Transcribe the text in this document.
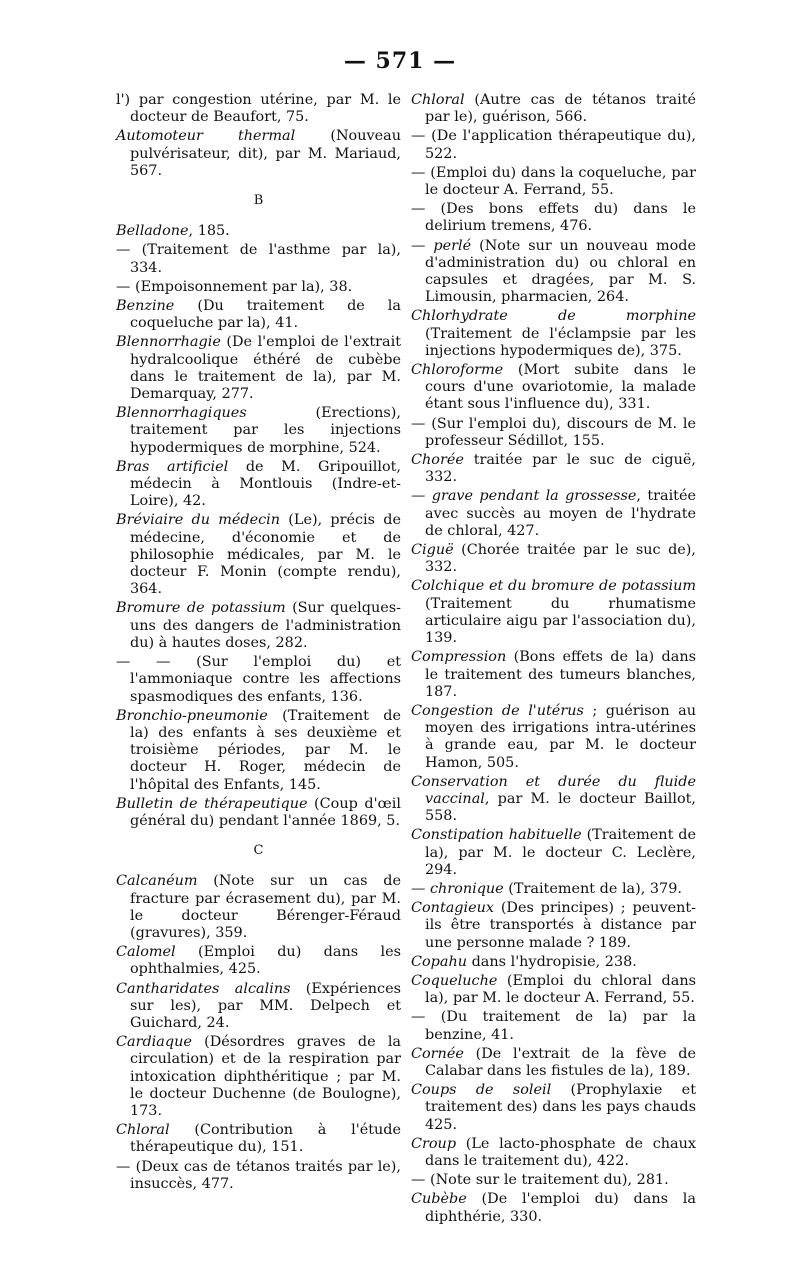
— 571 —
l') par congestion utérine, par M. le docteur de Beaufort, 75.
Automoteur thermal (Nouveau pulvérisateur, dit), par M. Mariaud, 567.
B
Belladone, 185.
— (Traitement de l'asthme par la), 334.
— (Empoisonnement par la), 38.
Benzine (Du traitement de la coqueluche par la), 41.
Blennorrhagie (De l'emploi de l'extrait hydralcoolique éthéré de cubèbe dans le traitement de la), par M. Demarquay, 277.
Blennorrhagiques (Erections), traitement par les injections hypodermiques de morphine, 524.
Bras artificiel de M. Gripouillot, médecin à Montlouis (Indre-et-Loire), 42.
Bréviaire du médecin (Le), précis de médecine, d'économie et de philosophie médicales, par M. le docteur F. Monin (compte rendu), 364.
Bromure de potassium (Sur quelques-uns des dangers de l'administration du) à hautes doses, 282.
— — (Sur l'emploi du) et l'ammoniaque contre les affections spasmodiques des enfants, 136.
Bronchio-pneumonie (Traitement de la) des enfants à ses deuxième et troisième périodes, par M. le docteur H. Roger, médecin de l'hôpital des Enfants, 145.
Bulletin de thérapeutique (Coup d'œil général du) pendant l'année 1869, 5.
C
Calcanéum (Note sur un cas de fracture par écrasement du), par M. le docteur Bérenger-Féraud (gravures), 359.
Calomel (Emploi du) dans les ophthalmies, 425.
Cantharidates alcalins (Expériences sur les), par MM. Delpech et Guichard, 24.
Cardiaque (Désordres graves de la circulation) et de la respiration par intoxication diphthéritique ; par M. le docteur Duchenne (de Boulogne), 173.
Chloral (Contribution à l'étude thérapeutique du), 151.
— (Deux cas de tétanos traités par le), insuccès, 477.
Chloral (Autre cas de tétanos traité par le), guérison, 566.
— (De l'application thérapeutique du), 522.
— (Emploi du) dans la coqueluche, par le docteur A. Ferrand, 55.
— (Des bons effets du) dans le delirium tremens, 476.
— perlé (Note sur un nouveau mode d'administration du) ou chloral en capsules et dragées, par M. S. Limousin, pharmacien, 264.
Chlorhydrate de morphine (Traitement de l'éclampsie par les injections hypodermiques de), 375.
Chloroforme (Mort subite dans le cours d'une ovariotomie, la malade étant sous l'influence du), 331.
— (Sur l'emploi du), discours de M. le professeur Sédillot, 155.
Chorée traitée par le suc de ciguë, 332.
— grave pendant la grossesse, traitée avec succès au moyen de l'hydrate de chloral, 427.
Ciguë (Chorée traitée par le suc de), 332.
Colchique et du bromure de potassium (Traitement du rhumatisme articulaire aigu par l'association du), 139.
Compression (Bons effets de la) dans le traitement des tumeurs blanches, 187.
Congestion de l'utérus ; guérison au moyen des irrigations intra-utérines à grande eau, par M. le docteur Hamon, 505.
Conservation et durée du fluide vaccinal, par M. le docteur Baillot, 558.
Constipation habituelle (Traitement de la), par M. le docteur C. Leclère, 294.
— chronique (Traitement de la), 379.
Contagieux (Des principes) ; peuvent-ils être transportés à distance par une personne malade ? 189.
Copahu dans l'hydropisie, 238.
Coqueluche (Emploi du chloral dans la), par M. le docteur A. Ferrand, 55.
— (Du traitement de la) par la benzine, 41.
Cornée (De l'extrait de la fève de Calabar dans les fistules de la), 189.
Coups de soleil (Prophylaxie et traitement des) dans les pays chauds 425.
Croup (Le lacto-phosphate de chaux dans le traitement du), 422.
— (Note sur le traitement du), 281.
Cubèbe (De l'emploi du) dans la diphthérie, 330.
